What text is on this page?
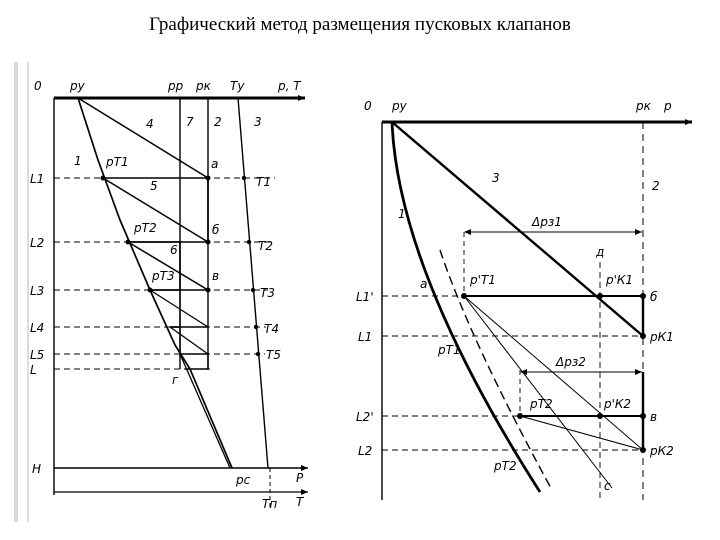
Графический метод размещения пусковых клапанов
0 pу	pр pк Tу	p, T
L1
L2
L3
L4
L5
L
H
1
2	3
4
5
6
7
pT1
pT2
pT3
а
б
в
г
T1
T2
T3
T4
T5
pс	P
Tп T
0 pу	pк p
L1'
L1
L2'
L2
1
2
3
Δpз1
Δpз2
а
д
б
в
с
p'T1	p'К1
pК1
pT1
pT2	p'К2
pК2
pT2
